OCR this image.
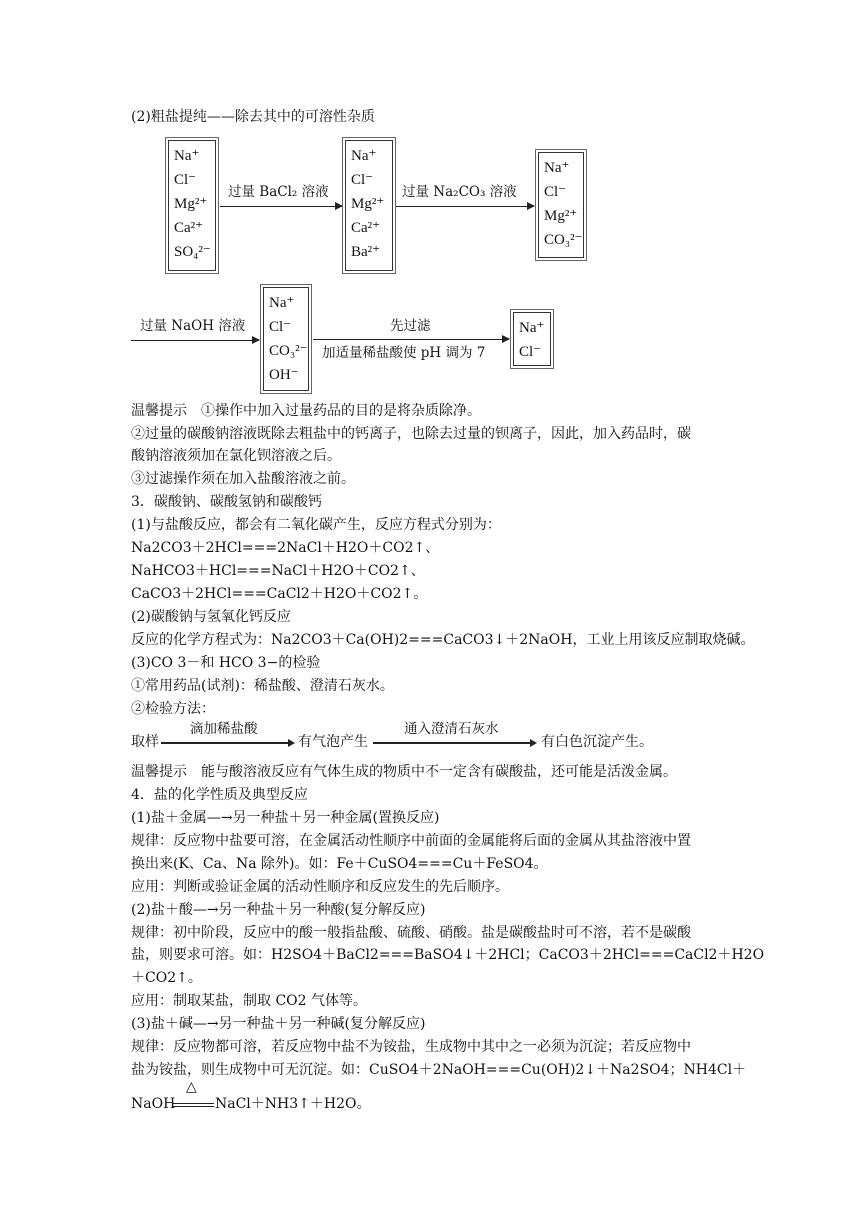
(2)粗盐提纯——除去其中的可溶性杂质
Na⁺
Cl⁻
Mg²⁺
Ca²⁺
SO₄²⁻
过量 BaCl₂ 溶液
Na⁺
Cl⁻
Mg²⁺
Ca²⁺
Ba²⁺
过量 Na₂CO₃ 溶液
Na⁺
Cl⁻
Mg²⁺
CO₃²⁻
过量 NaOH 溶液
Na⁺
Cl⁻
CO₃²⁻
OH⁻
先过滤
加适量稀盐酸使 pH 调为 7
Na⁺
Cl⁻
温馨提示　①操作中加入过量药品的目的是将杂质除净。
②过量的碳酸钠溶液既除去粗盐中的钙离子，也除去过量的钡离子，因此，加入药品时，碳
酸钠溶液须加在氯化钡溶液之后。
③过滤操作须在加入盐酸溶液之前。
3．碳酸钠、碳酸氢钠和碳酸钙
(1)与盐酸反应，都会有二氧化碳产生，反应方程式分别为：
Na2CO3＋2HCl===2NaCl＋H2O＋CO2↑、
NaHCO3＋HCl===NaCl＋H2O＋CO2↑、
CaCO3＋2HCl===CaCl2＋H2O＋CO2↑。
(2)碳酸钠与氢氧化钙反应
反应的化学方程式为：Na2CO3＋Ca(OH)2===CaCO3↓＋2NaOH，工业上用该反应制取烧碱。
(3)CO 3－和 HCO 3−的检验
①常用药品(试剂)：稀盐酸、澄清石灰水。
②检验方法：
取样
滴加稀盐酸
有气泡产生
通入澄清石灰水
有白色沉淀产生。
温馨提示　能与酸溶液反应有气体生成的物质中不一定含有碳酸盐，还可能是活泼金属。
4．盐的化学性质及典型反应
(1)盐＋金属—→另一种盐＋另一种金属(置换反应)
规律：反应物中盐要可溶，在金属活动性顺序中前面的金属能将后面的金属从其盐溶液中置
换出来(K、Ca、Na 除外)。如：Fe＋CuSO4===Cu＋FeSO4。
应用：判断或验证金属的活动性顺序和反应发生的先后顺序。
(2)盐＋酸—→另一种盐＋另一种酸(复分解反应)
规律：初中阶段，反应中的酸一般指盐酸、硫酸、硝酸。盐是碳酸盐时可不溶，若不是碳酸
盐，则要求可溶。如：H2SO4＋BaCl2===BaSO4↓＋2HCl；CaCO3＋2HCl===CaCl2＋H2O
＋CO2↑。
应用：制取某盐，制取 CO2 气体等。
(3)盐＋碱—→另一种盐＋另一种碱(复分解反应)
规律：反应物都可溶，若反应物中盐不为铵盐，生成物中其中之一必须为沉淀；若反应物中
盐为铵盐，则生成物中可无沉淀。如：CuSO4＋2NaOH===Cu(OH)2↓＋Na2SO4；NH4Cl＋
NaOH
△
NaCl＋NH3↑＋H2O。
